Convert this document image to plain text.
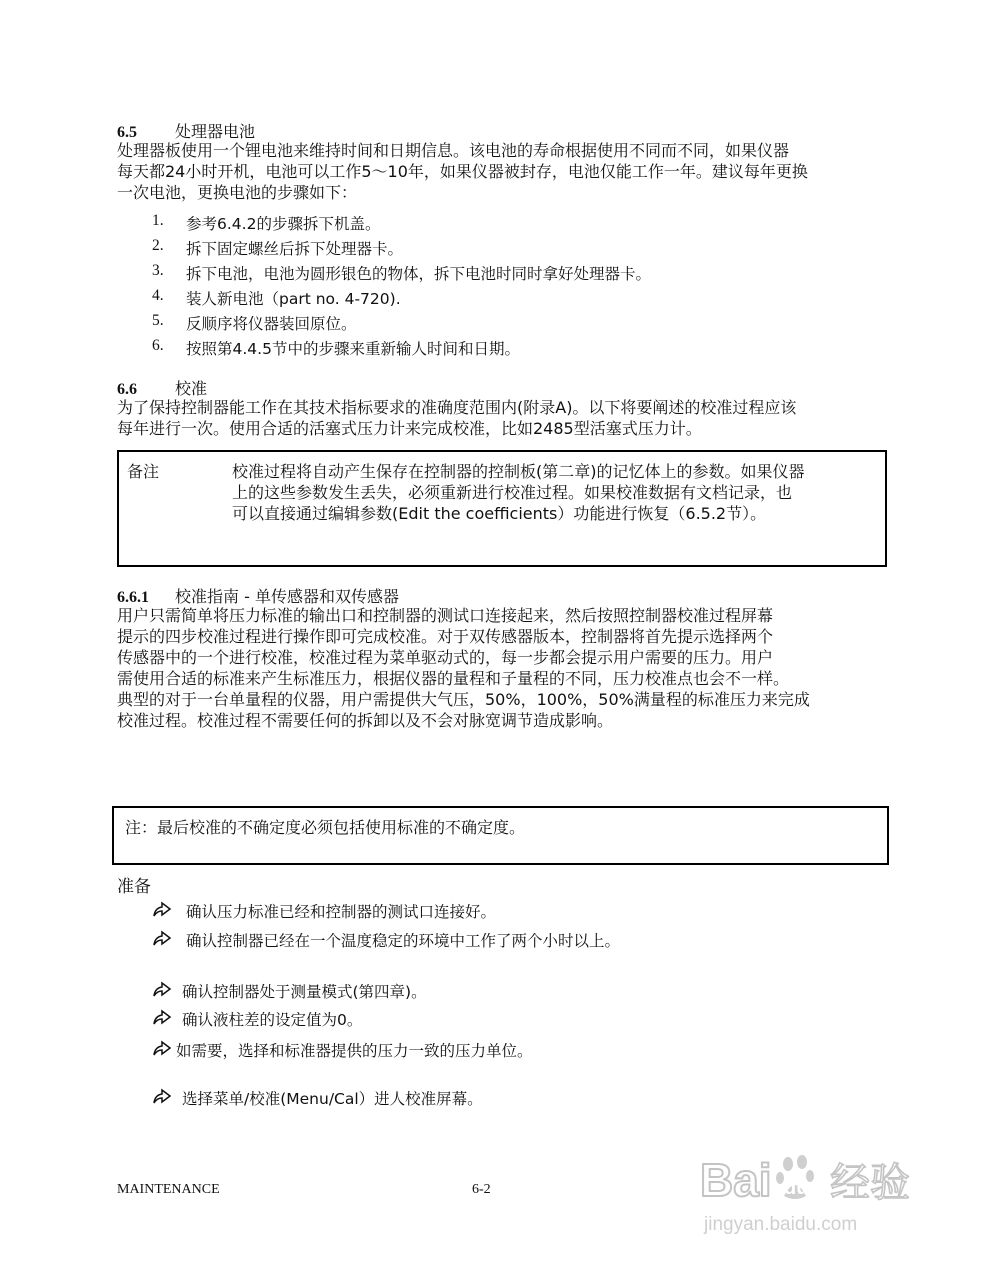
6.5 处理器电池
处理器板使用一个锂电池来维持时间和日期信息。该电池的寿命根据使用不同而不同，如果仪器
每天都24小时开机，电池可以工作5～10年，如果仪器被封存，电池仅能工作一年。建议每年更换
一次电池，更换电池的步骤如下：
1. 参考6.4.2的步骤拆下机盖。
2. 拆下固定螺丝后拆下处理器卡。
3. 拆下电池，电池为圆形银色的物体，拆下电池时同时拿好处理器卡。
4. 装人新电池（part no. 4-720).
5. 反顺序将仪器装回原位。
6. 按照第4.4.5节中的步骤来重新输人时间和日期。
6.6 校准
为了保持控制器能工作在其技术指标要求的准确度范围内(附录A)。以下将要阐述的校准过程应该
每年进行一次。使用合适的活塞式压力计来完成校准，比如2485型活塞式压力计。
备注	校准过程将自动产生保存在控制器的控制板(第二章)的记忆体上的参数。如果仪器
上的这些参数发生丢失，必须重新进行校准过程。如果校准数据有文档记录，也
可以直接通过编辑参数(Edit the coefficients）功能进行恢复（6.5.2节）。
6.6.1 校准指南 - 单传感器和双传感器
用户只需简单将压力标准的输出口和控制器的测试口连接起来，然后按照控制器校准过程屏幕
提示的四步校准过程进行操作即可完成校准。对于双传感器版本，控制器将首先提示选择两个
传感器中的一个进行校准，校准过程为菜单驱动式的，每一步都会提示用户需要的压力。用户
需使用合适的标准来产生标准压力，根据仪器的量程和子量程的不同，压力校准点也会不一样。
典型的对于一台单量程的仪器，用户需提供大气压，50%，100%，50%满量程的标准压力来完成
校准过程。校准过程不需要任何的拆卸以及不会对脉宽调节造成影响。
注：最后校准的不确定度必须包括使用标准的不确定度。
准备
确认压力标准已经和控制器的测试口连接好。
确认控制器已经在一个温度稳定的环境中工作了两个小时以上。
确认控制器处于测量模式(第四章)。
确认液柱差的设定值为0。
如需要，选择和标准器提供的压力一致的压力单位。
选择菜单/校准(Menu/Cal）进人校准屏幕。
MAINTENANCE	6-2	Bai du 经验
jingyan.baidu.com
